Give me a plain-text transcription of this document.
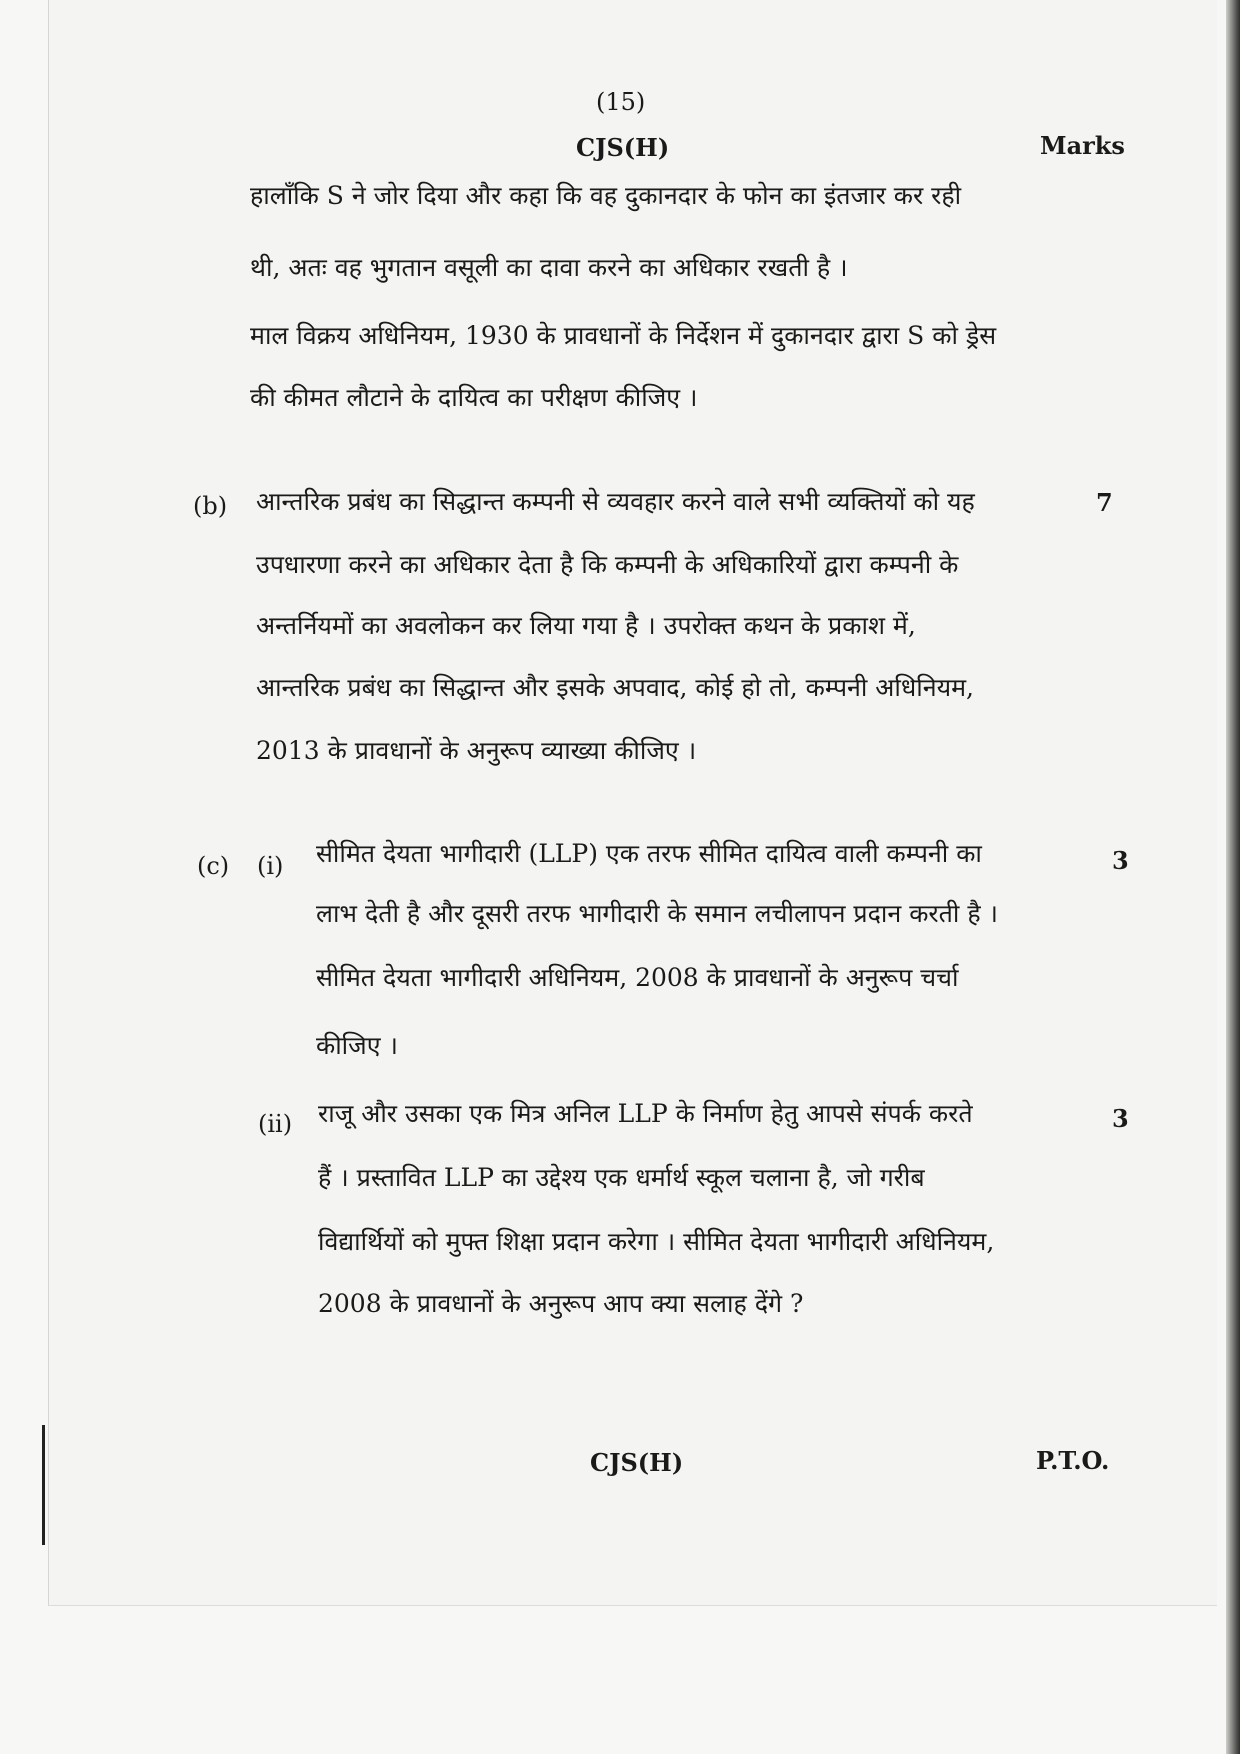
(15)

CJS(H)	Marks

हालाँकि S ने जोर दिया और कहा कि वह दुकानदार के फोन का इंतजार कर रही

थी, अतः वह भुगतान वसूली का दावा करने का अधिकार रखती है ।

माल विक्रय अधिनियम, 1930 के प्रावधानों के निर्देशन में दुकानदार द्वारा S को ड्रेस

की कीमत लौटाने के दायित्व का परीक्षण कीजिए ।

(b)	7

आन्तरिक प्रबंध का सिद्धान्त कम्पनी से व्यवहार करने वाले सभी व्यक्तियों को यह

उपधारणा करने का अधिकार देता है कि कम्पनी के अधिकारियों द्वारा कम्पनी के

अन्तर्नियमों का अवलोकन कर लिया गया है । उपरोक्त कथन के प्रकाश में,

आन्तरिक प्रबंध का सिद्धान्त और इसके अपवाद, कोई हो तो, कम्पनी अधिनियम,

2013 के प्रावधानों के अनुरूप व्याख्या कीजिए ।

(c) (i)	3

सीमित देयता भागीदारी (LLP) एक तरफ सीमित दायित्व वाली कम्पनी का

लाभ देती है और दूसरी तरफ भागीदारी के समान लचीलापन प्रदान करती है ।

सीमित देयता भागीदारी अधिनियम, 2008 के प्रावधानों के अनुरूप चर्चा

कीजिए ।

(ii)	3

राजू और उसका एक मित्र अनिल LLP के निर्माण हेतु आपसे संपर्क करते

हैं । प्रस्तावित LLP का उद्देश्य एक धर्मार्थ स्कूल चलाना है, जो गरीब

विद्यार्थियों को मुफ्त शिक्षा प्रदान करेगा । सीमित देयता भागीदारी अधिनियम,

2008 के प्रावधानों के अनुरूप आप क्या सलाह देंगे ?

CJS(H)	P.T.O.
